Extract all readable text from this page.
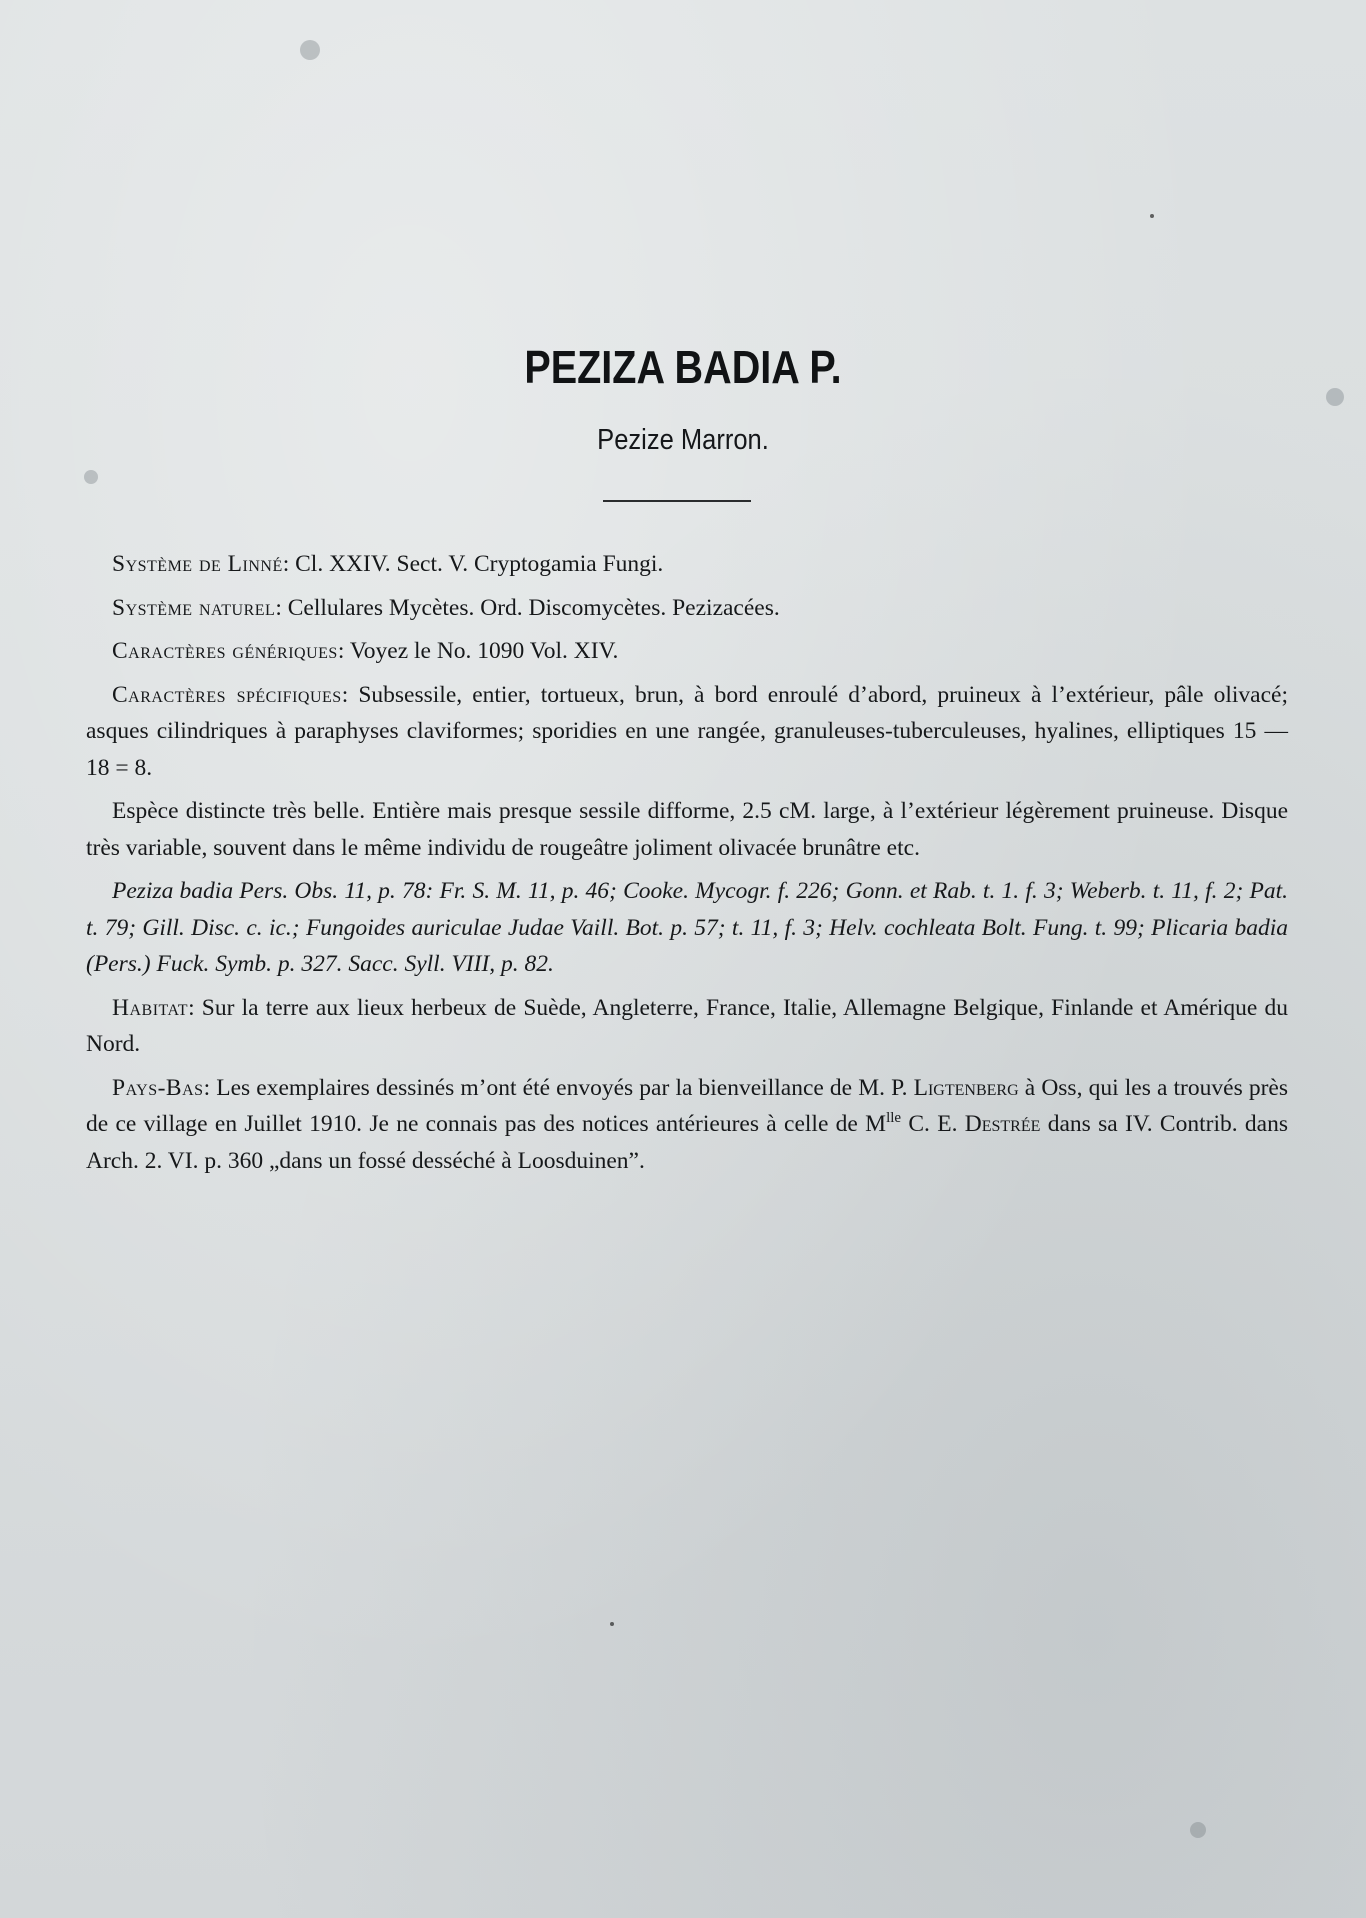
PEZIZA BADIA P.
Pezize Marron.

Système de Linné: Cl. XXIV. Sect. V. Cryptogamia Fungi.

Système naturel: Cellulares Mycètes. Ord. Discomycètes. Pezizacées.

Caractères génériques: Voyez le No. 1090 Vol. XIV.

Caractères spécifiques: Subsessile, entier, tortueux, brun, à bord enroulé d’abord, pruineux à l’extérieur, pâle olivacé; asques cilindriques à paraphyses claviformes; sporidies en une rangée, granuleuses-tuberculeuses, hyalines, elliptiques 15 — 18 = 8.

Espèce distincte très belle. Entière mais presque sessile difforme, 2.5 cM. large, à l’extérieur légèrement pruineuse. Disque très variable, souvent dans le même individu de rougeâtre joliment olivacée brunâtre etc.

Peziza badia Pers. Obs. 11, p. 78: Fr. S. M. 11, p. 46; Cooke. Mycogr. f. 226; Gonn. et Rab. t. 1. f. 3; Weberb. t. 11, f. 2; Pat. t. 79; Gill. Disc. c. ic.; Fungoides auriculae Judae Vaill. Bot. p. 57; t. 11, f. 3; Helv. cochleata Bolt. Fung. t. 99; Plicaria badia (Pers.) Fuck. Symb. p. 327. Sacc. Syll. VIII, p. 82.

Habitat: Sur la terre aux lieux herbeux de Suède, Angleterre, France, Italie, Allemagne Belgique, Finlande et Amérique du Nord.

Pays-Bas: Les exemplaires dessinés m’ont été envoyés par la bienveillance de M. P. Ligtenberg à Oss, qui les a trouvés près de ce village en Juillet 1910. Je ne connais pas des notices antérieures à celle de $M^{lle}$ C. E. Destrée dans sa IV. Contrib. dans Arch. 2. VI. p. 360 „dans un fossé desséché à Loosduinen”.
